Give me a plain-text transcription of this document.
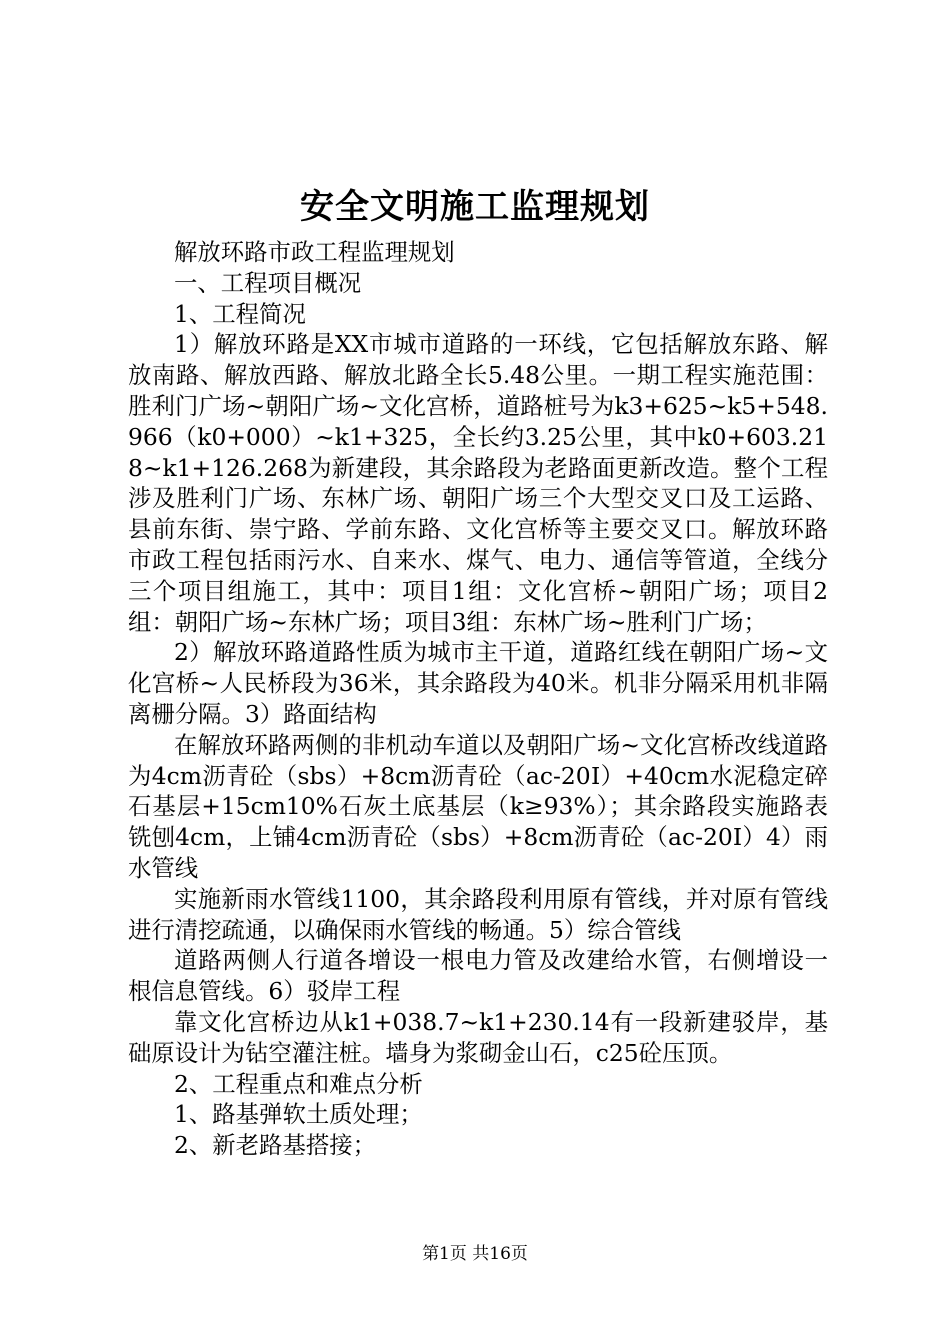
安全文明施工监理规划

解放环路市政工程监理规划

一、工程项目概况

1、工程简况

1）解放环路是XX市城市道路的一环线，它包括解放东路、解放南路、解放西路、解放北路全长5.48公里。一期工程实施范围：胜利门广场~朝阳广场~文化宫桥，道路桩号为k3+625~k5+548.966（k0+000）~k1+325，全长约3.25公里，其中k0+603.218~k1+126.268为新建段，其余路段为老路面更新改造。整个工程涉及胜利门广场、东林广场、朝阳广场三个大型交叉口及工运路、县前东街、崇宁路、学前东路、文化宫桥等主要交叉口。解放环路市政工程包括雨污水、自来水、煤气、电力、通信等管道，全线分三个项目组施工，其中：项目1组：文化宫桥~朝阳广场；项目2组：朝阳广场~东林广场；项目3组：东林广场~胜利门广场；

2）解放环路道路性质为城市主干道，道路红线在朝阳广场~文化宫桥~人民桥段为36米，其余路段为40米。机非分隔采用机非隔离栅分隔。3）路面结构

在解放环路两侧的非机动车道以及朝阳广场~文化宫桥改线道路为4cm沥青砼（sbs）+8cm沥青砼（ac-20Ⅰ）+40cm水泥稳定碎石基层+15cm10%石灰土底基层（k≥93%）；其余路段实施路表铣刨4cm，上铺4cm沥青砼（sbs）+8cm沥青砼（ac-20Ⅰ）4）雨水管线

实施新雨水管线1100，其余路段利用原有管线，并对原有管线进行清挖疏通，以确保雨水管线的畅通。5）综合管线

道路两侧人行道各增设一根电力管及改建给水管，右侧增设一根信息管线。6）驳岸工程

靠文化宫桥边从k1+038.7~k1+230.14有一段新建驳岸，基础原设计为钻空灌注桩。墙身为浆砌金山石，c25砼压顶。

2、工程重点和难点分析

1、路基弹软土质处理；

2、新老路基搭接；

第1页 共16页
